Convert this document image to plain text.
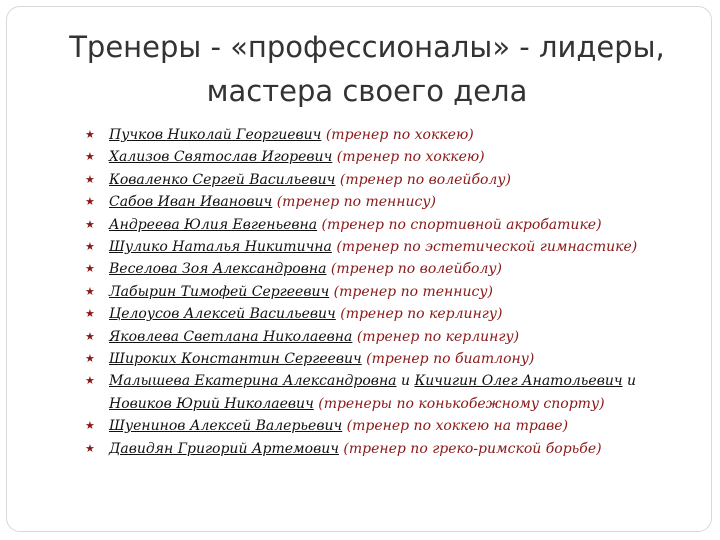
Тренеры - «профессионалы» - лидеры,
мастера своего дела
★ Пучков Николай Георгиевич (тренер по хоккею)
★ Хализов Святослав Игоревич (тренер по хоккею)
★ Коваленко Сергей Васильевич (тренер по волейболу)
★ Сабов Иван Иванович (тренер по теннису)
★ Андреева Юлия Евгеньевна (тренер по спортивной акробатике)
★ Шулико Наталья Никитична (тренер по эстетической гимнастике)
★ Веселова Зоя Александровна (тренер по волейболу)
★ Лабырин Тимофей Сергеевич (тренер по теннису)
★ Целоусов Алексей Васильевич (тренер по керлингу)
★ Яковлева Светлана Николаевна (тренер по керлингу)
★ Широких Константин Сергеевич (тренер по биатлону)
★ Малышева Екатерина Александровна и Кичигин Олег Анатольевич и
Новиков Юрий Николаевич (тренеры по конькобежному спорту)
★ Шуенинов Алексей Валерьевич (тренер по хоккею на траве)
★ Давидян Григорий Артемович (тренер по греко-римской борьбе)
